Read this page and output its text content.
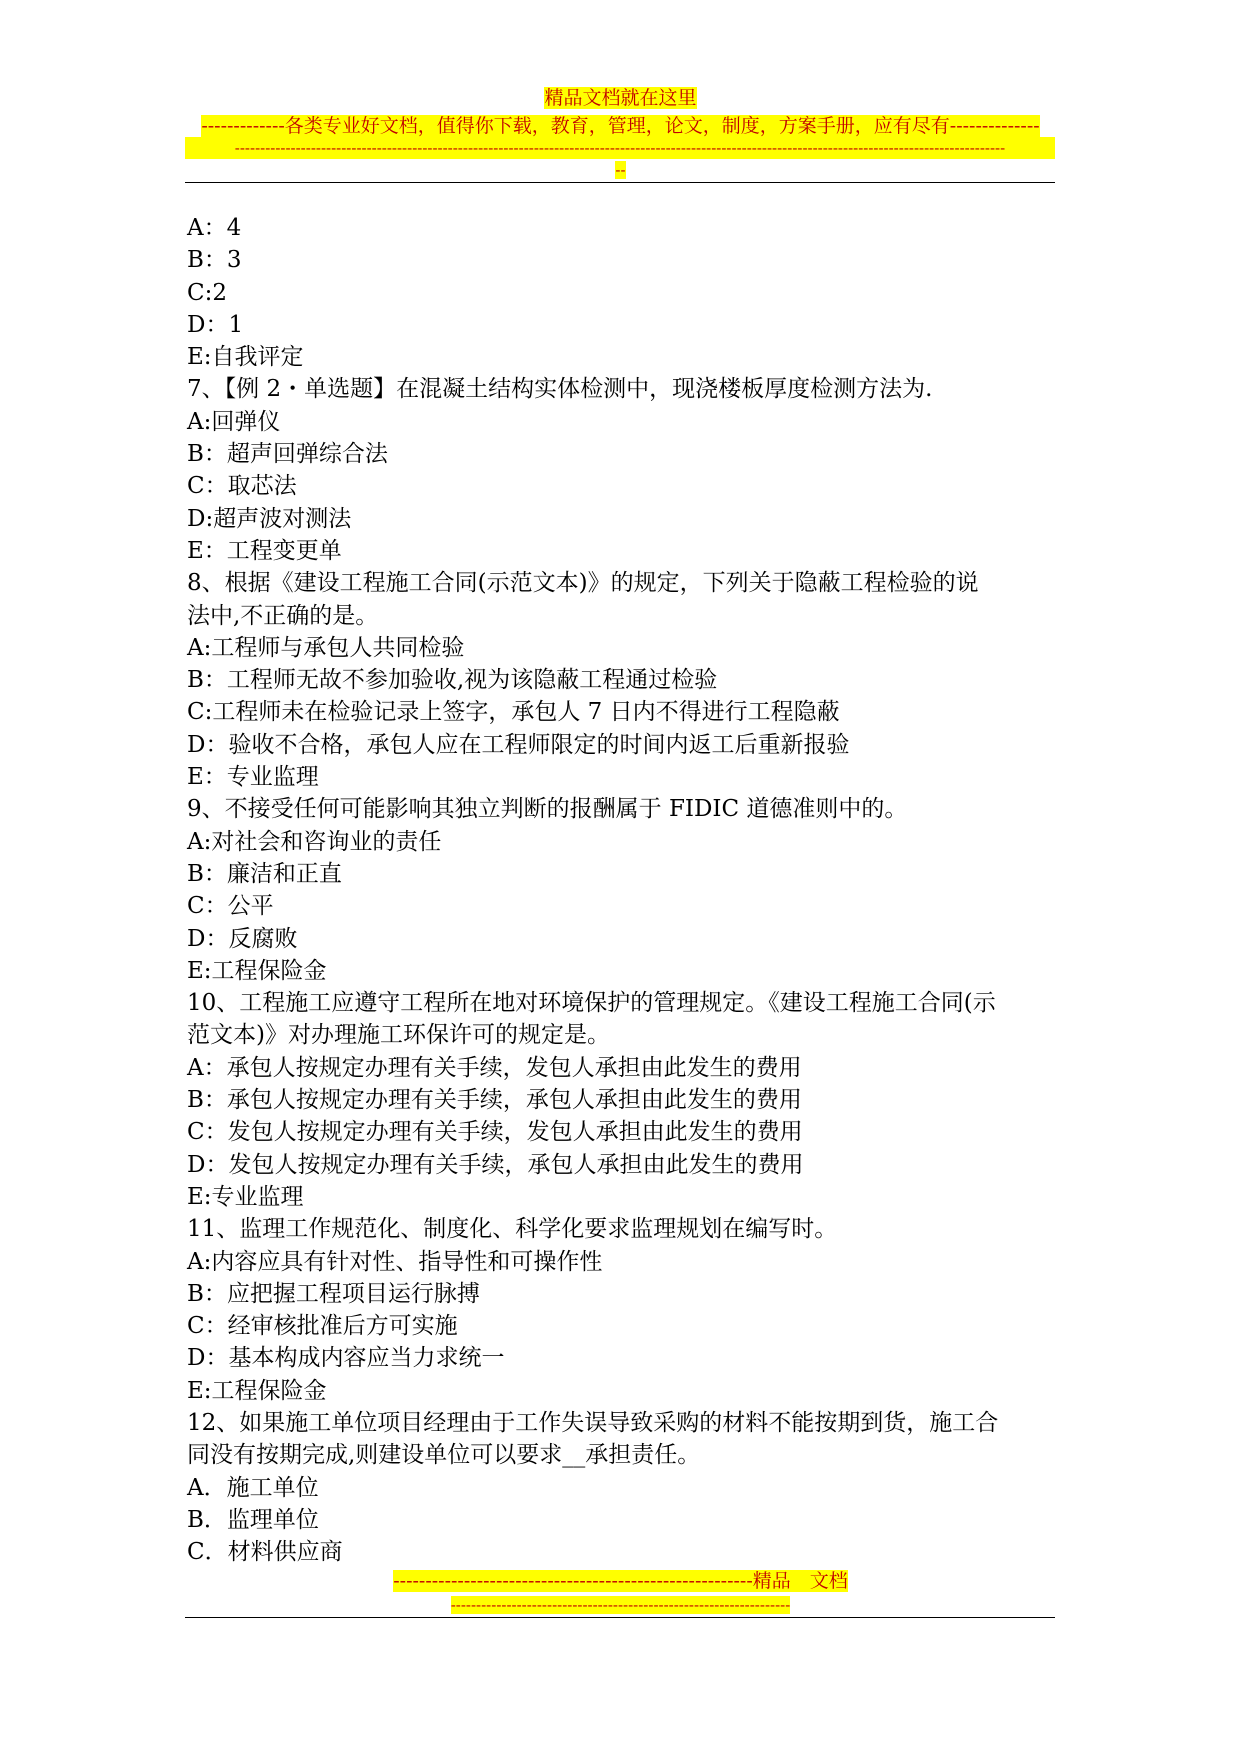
精品文档就在这里
-------------各类专业好文档，值得你下载，教育，管理，论文，制度，方案手册，应有尽有--------------
--------------------------------------------------------------------------------------------------------------------------------------------------------
--
A：4
B：3
C:2
D：1
E:自我评定
7、【例 2・单选题】在混凝土结构实体检测中，现浇楼板厚度检测方法为.
A:回弹仪
B：超声回弹综合法
C：取芯法
D:超声波对测法
E：工程变更单
8、根据《建设工程施工合同(示范文本)》的规定，下列关于隐蔽工程检验的说
法中,不正确的是。
A:工程师与承包人共同检验
B：工程师无故不参加验收,视为该隐蔽工程通过检验
C:工程师未在检验记录上签字，承包人 7 日内不得进行工程隐蔽
D：验收不合格，承包人应在工程师限定的时间内返工后重新报验
E：专业监理
9、不接受任何可能影响其独立判断的报酬属于 FIDIC 道德准则中的。
A:对社会和咨询业的责任
B：廉洁和正直
C：公平
D：反腐败
E:工程保险金
10、工程施工应遵守工程所在地对环境保护的管理规定。《建设工程施工合同(示
范文本)》对办理施工环保许可的规定是。
A：承包人按规定办理有关手续，发包人承担由此发生的费用
B：承包人按规定办理有关手续，承包人承担由此发生的费用
C：发包人按规定办理有关手续，发包人承担由此发生的费用
D：发包人按规定办理有关手续，承包人承担由此发生的费用
E:专业监理
11、监理工作规范化、制度化、科学化要求监理规划在编写时。
A:内容应具有针对性、指导性和可操作性
B：应把握工程项目运行脉搏
C：经审核批准后方可实施
D：基本构成内容应当力求统一
E:工程保险金
12、如果施工单位项目经理由于工作失误导致采购的材料不能按期到货，施工合
同没有按期完成,则建设单位可以要求__承担责任。
A．施工单位
B．监理单位
C．材料供应商
--------------------------------------------------------精品　文档
-------------------------------------------------------------------
